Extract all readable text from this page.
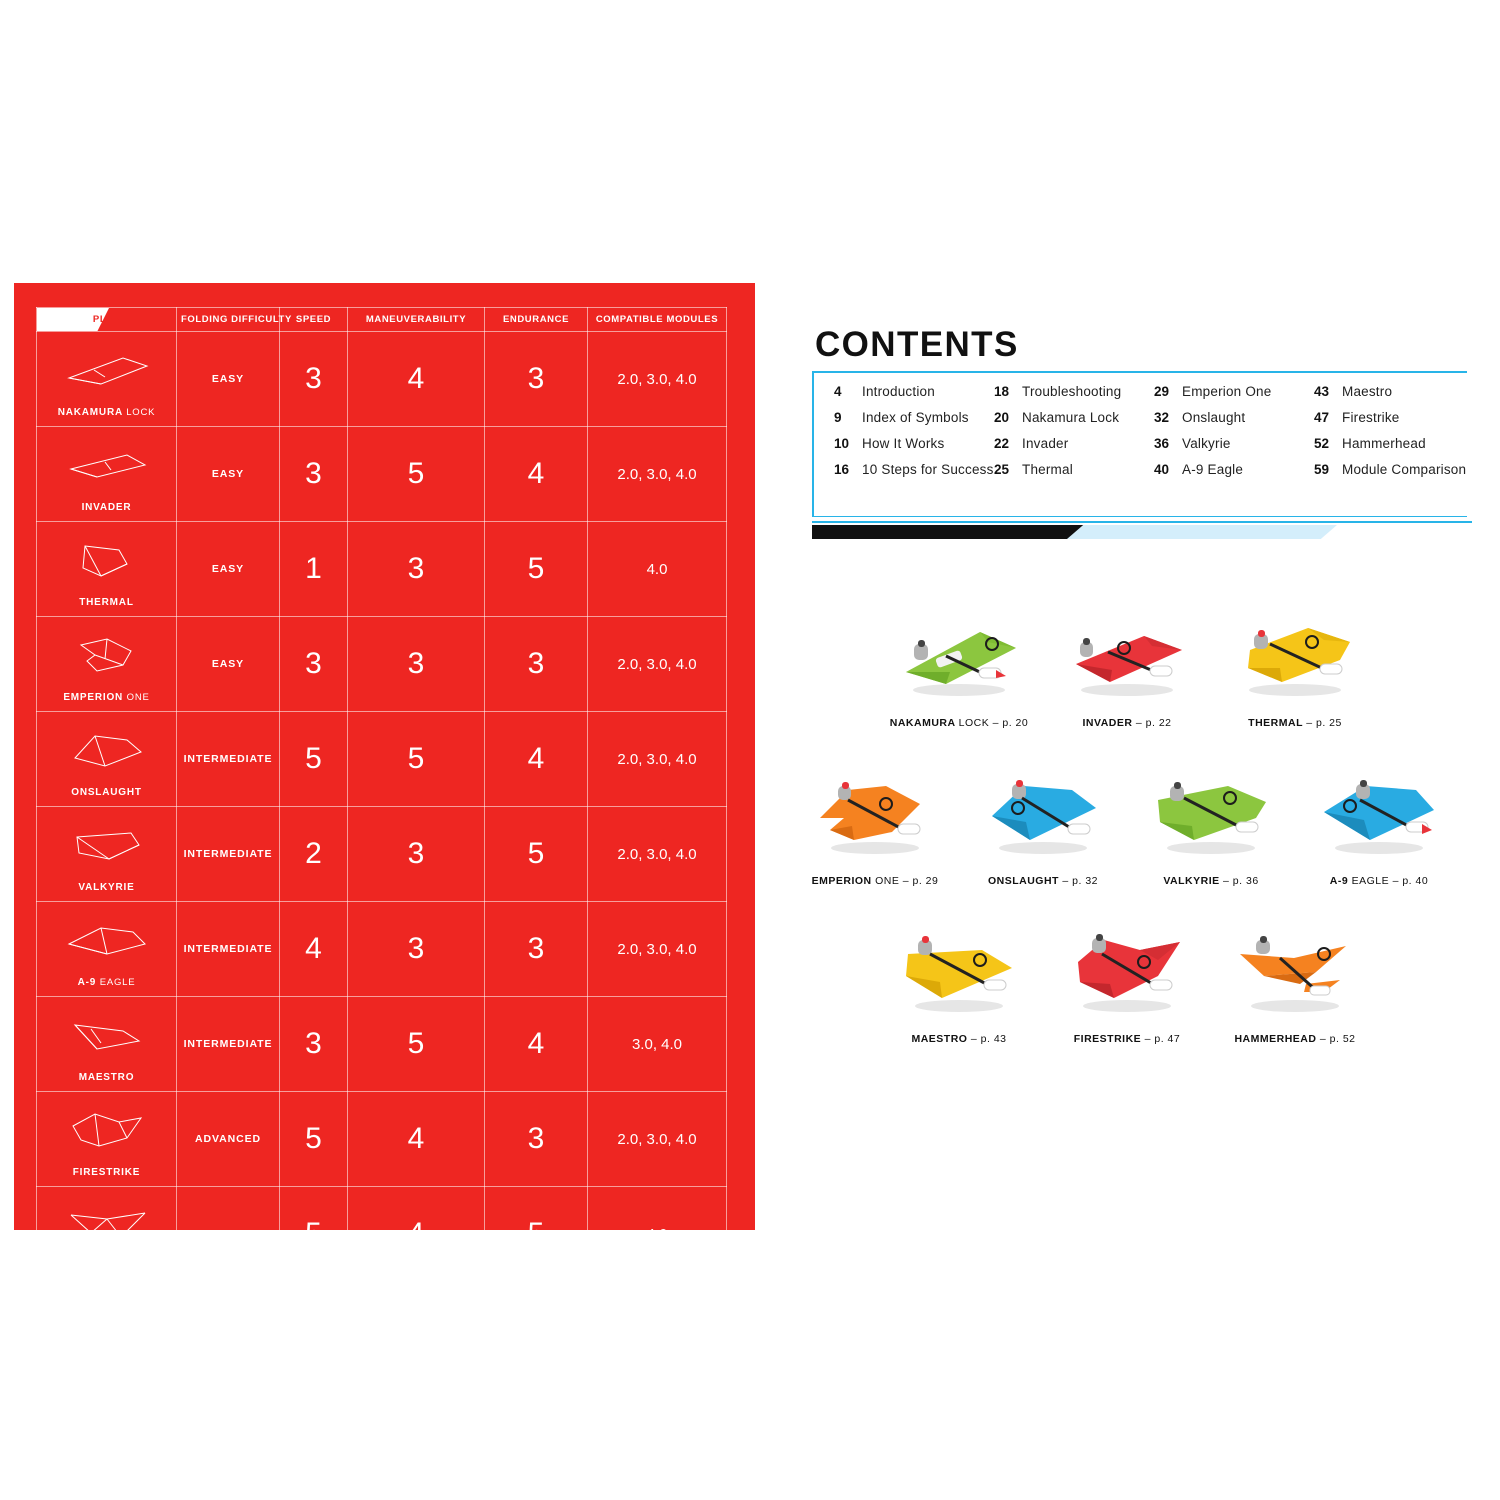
PLANE	FOLDING DIFFICULTY	SPEED	MANEUVERABILITY	ENDURANCE	COMPATIBLE MODULES

NAKAMURA LOCK	EASY	3	4	3	2.0, 3.0, 4.0

INVADER	EASY	3	5	4	2.0, 3.0, 4.0

THERMAL	EASY	1	3	5	4.0

EMPERION ONE	EASY	3	3	3	2.0, 3.0, 4.0

ONSLAUGHT	INTERMEDIATE	5	5	4	2.0, 3.0, 4.0

VALKYRIE	INTERMEDIATE	2	3	5	2.0, 3.0, 4.0

A-9 EAGLE	INTERMEDIATE	4	3	3	2.0, 3.0, 4.0

MAESTRO	INTERMEDIATE	3	5	4	3.0, 4.0

FIRESTRIKE	ADVANCED	5	4	3	2.0, 3.0, 4.0

HAMMERHEAD	ADVANCED	5	4	5	4.0
CONTENTS
4	Introduction
9	Index of Symbols
10 How It Works
16 10 Steps for Success
18 Troubleshooting
20 Nakamura Lock
22 Invader
25 Thermal
29 Emperion One
32 Onslaught
36 Valkyrie
40 A-9 Eagle
43 Maestro
47 Firestrike
52 Hammerhead
59 Module Comparison
NAKAMURA LOCK – p. 20	INVADER – p. 22	THERMAL – p. 25
EMPERION ONE – p. 29	ONSLAUGHT – p. 32	VALKYRIE – p. 36	A-9 EAGLE – p. 40
MAESTRO – p. 43	FIRESTRIKE – p. 47	HAMMERHEAD – p. 52
